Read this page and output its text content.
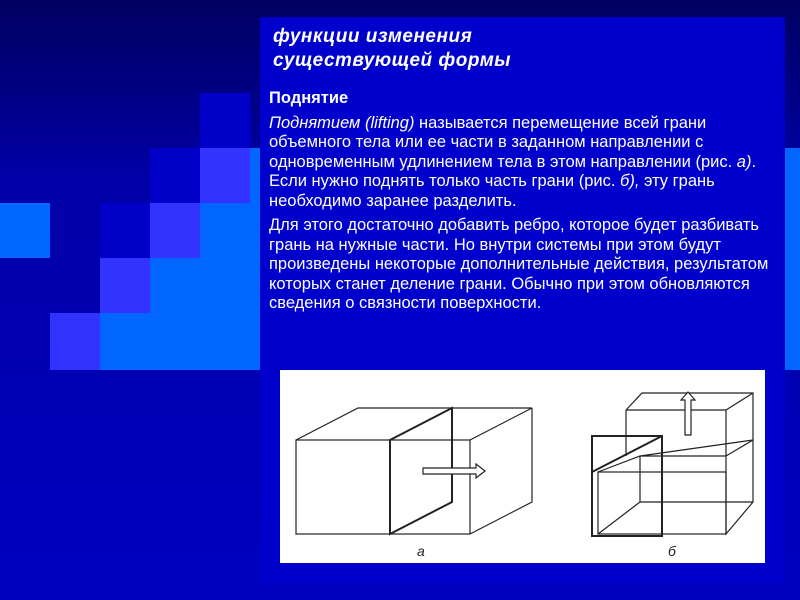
функции изменения
существующей формы

Поднятие

Поднятием (lifting) называется перемещение всей грани объемного тела или ее части в заданном направлении с одновременным удлинением тела в этом направлении (рис. а). Если нужно поднять только часть грани (рис. б), эту грань необходимо заранее разделить.

Для этого достаточно добавить ребро, которое будет разбивать грань на нужные части. Но внутри системы при этом будут произведены некоторые дополнительные действия, результатом которых станет деление грани. Обычно при этом обновляются сведения о связности поверхности.

а	б
